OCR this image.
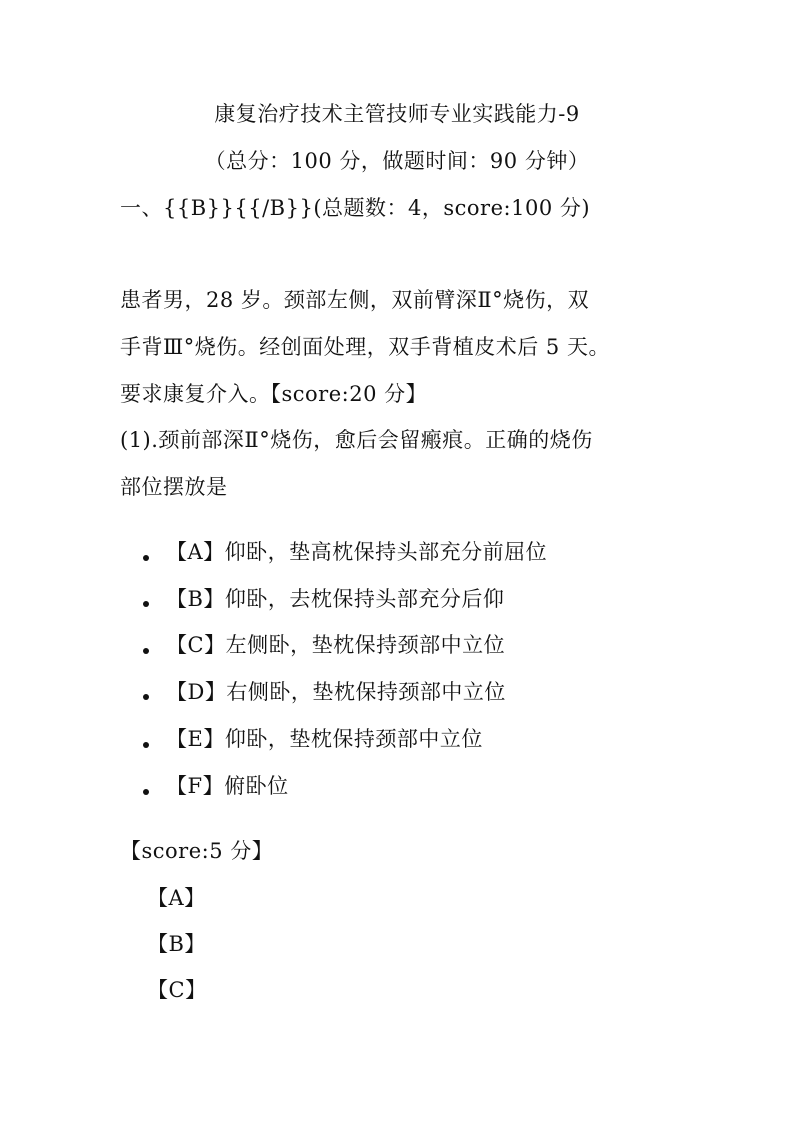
康复治疗技术主管技师专业实践能力-9
（总分：100 分，做题时间：90 分钟）
一、{{B}}{{/B}}(总题数：4，score:100 分)
患者男，28 岁。颈部左侧，双前臂深Ⅱ°烧伤，双
手背Ⅲ°烧伤。经创面处理，双手背植皮术后 5 天。
要求康复介入。【score:20 分】
(1).颈前部深Ⅱ°烧伤，愈后会留瘢痕。正确的烧伤
部位摆放是
【A】仰卧，垫高枕保持头部充分前屈位
【B】仰卧，去枕保持头部充分后仰
【C】左侧卧，垫枕保持颈部中立位
【D】右侧卧，垫枕保持颈部中立位
【E】仰卧，垫枕保持颈部中立位
【F】俯卧位
【score:5 分】
【A】
【B】
【C】
